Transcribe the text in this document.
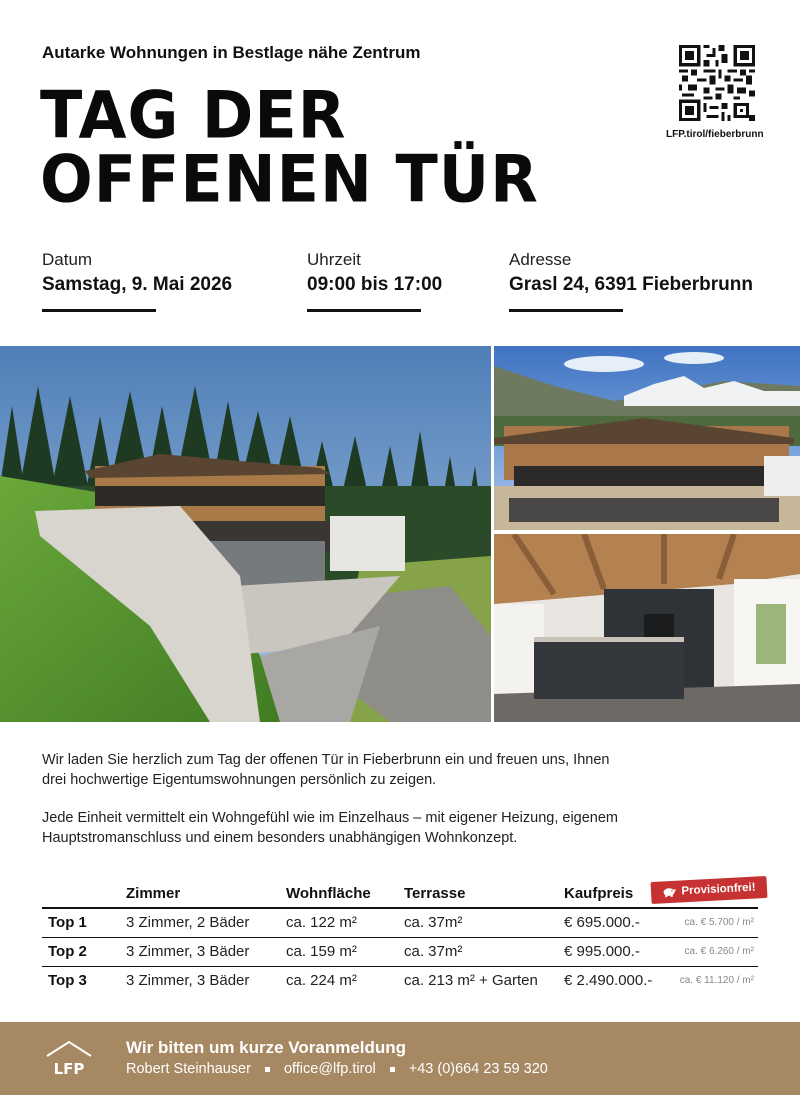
Autarke Wohnungen in Bestlage nähe Zentrum
TAG DER
OFFENEN TÜR
LFP.tirol/fieberbrunn
Datum
Samstag, 9. Mai 2026
Uhrzeit
09:00 bis 17:00
Adresse
Grasl 24, 6391 Fieberbrunn
Wir laden Sie herzlich zum Tag der offenen Tür in Fieberbrunn ein und freuen uns, Ihnen drei hochwertige Eigentumswohnungen persönlich zu zeigen.
Jede Einheit vermittelt ein Wohngefühl wie im Einzelhaus – mit eigener Heizung, eigenem Hauptstromanschluss und einem besonders unabhängigen Wohnkonzept.
	Zimmer	Wohnfläche	Terrasse	Kaufpreis	
Top 1	3 Zimmer, 2 Bäder	ca. 122 m²	ca. 37m²	€ 695.000.-	ca. € 5.700 / m²
Top 2	3 Zimmer, 3 Bäder	ca. 159 m²	ca. 37m²	€ 995.000.-	ca. € 6.260 / m²
Top 3	3 Zimmer, 3 Bäder	ca. 224 m²	ca. 213 m² + Garten	€ 2.490.000.-	ca. € 11.120 / m²
Provisionfrei!
LFP
Wir bitten um kurze Voranmeldung
Robert Steinhauser office@lfp.tirol +43 (0)664 23 59 320
